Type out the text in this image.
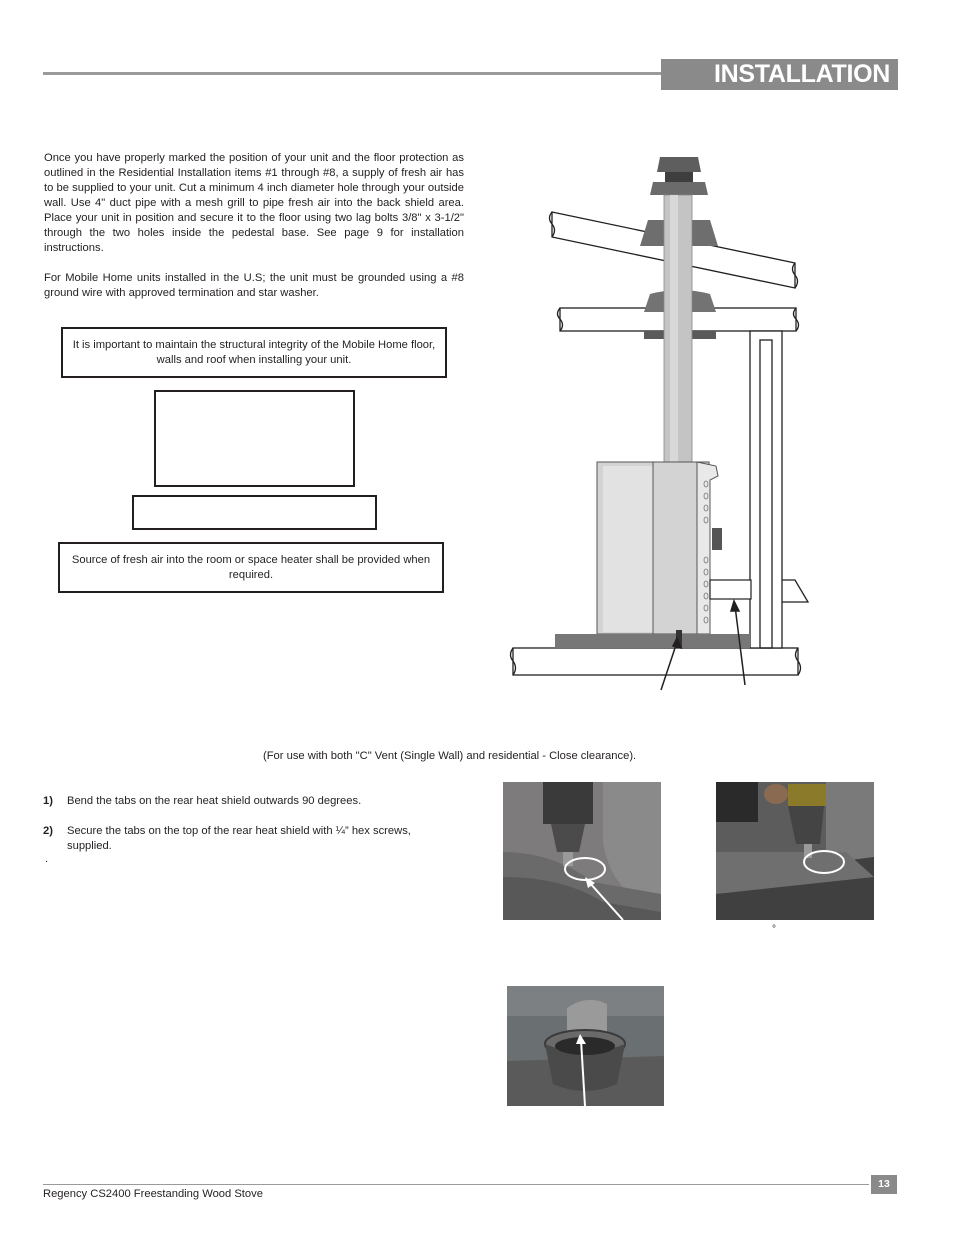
INSTALLATION
Once you have properly marked the position of your unit and the floor protection as outlined in the Residential Installation items #1 through #8, a supply of fresh air has to be supplied to your unit. Cut a minimum 4 inch diameter hole through your outside wall. Use 4" duct pipe with a mesh grill to pipe fresh air into the back shield area. Place your unit in position and secure it to the floor using two lag bolts 3/8" x 3-1/2" through the two holes inside the pedestal base. See page 9 for installation instructions.
For Mobile Home units installed in the U.S; the unit must be grounded using a #8 ground wire with approved termination and star washer.
It is important to maintain the structural integrity of the Mobile Home floor, walls and roof when installing your unit.
Source of fresh air into the room or space heater shall be provided when required.
(For use with both "C" Vent (Single Wall) and residential - Close clearance).
1) Bend the tabs on the rear heat shield outwards 90 degrees.
2) Secure the tabs on the top of the rear heat shield with ¼” hex screws, supplied.
.
°
13
Regency CS2400 Freestanding Wood Stove
